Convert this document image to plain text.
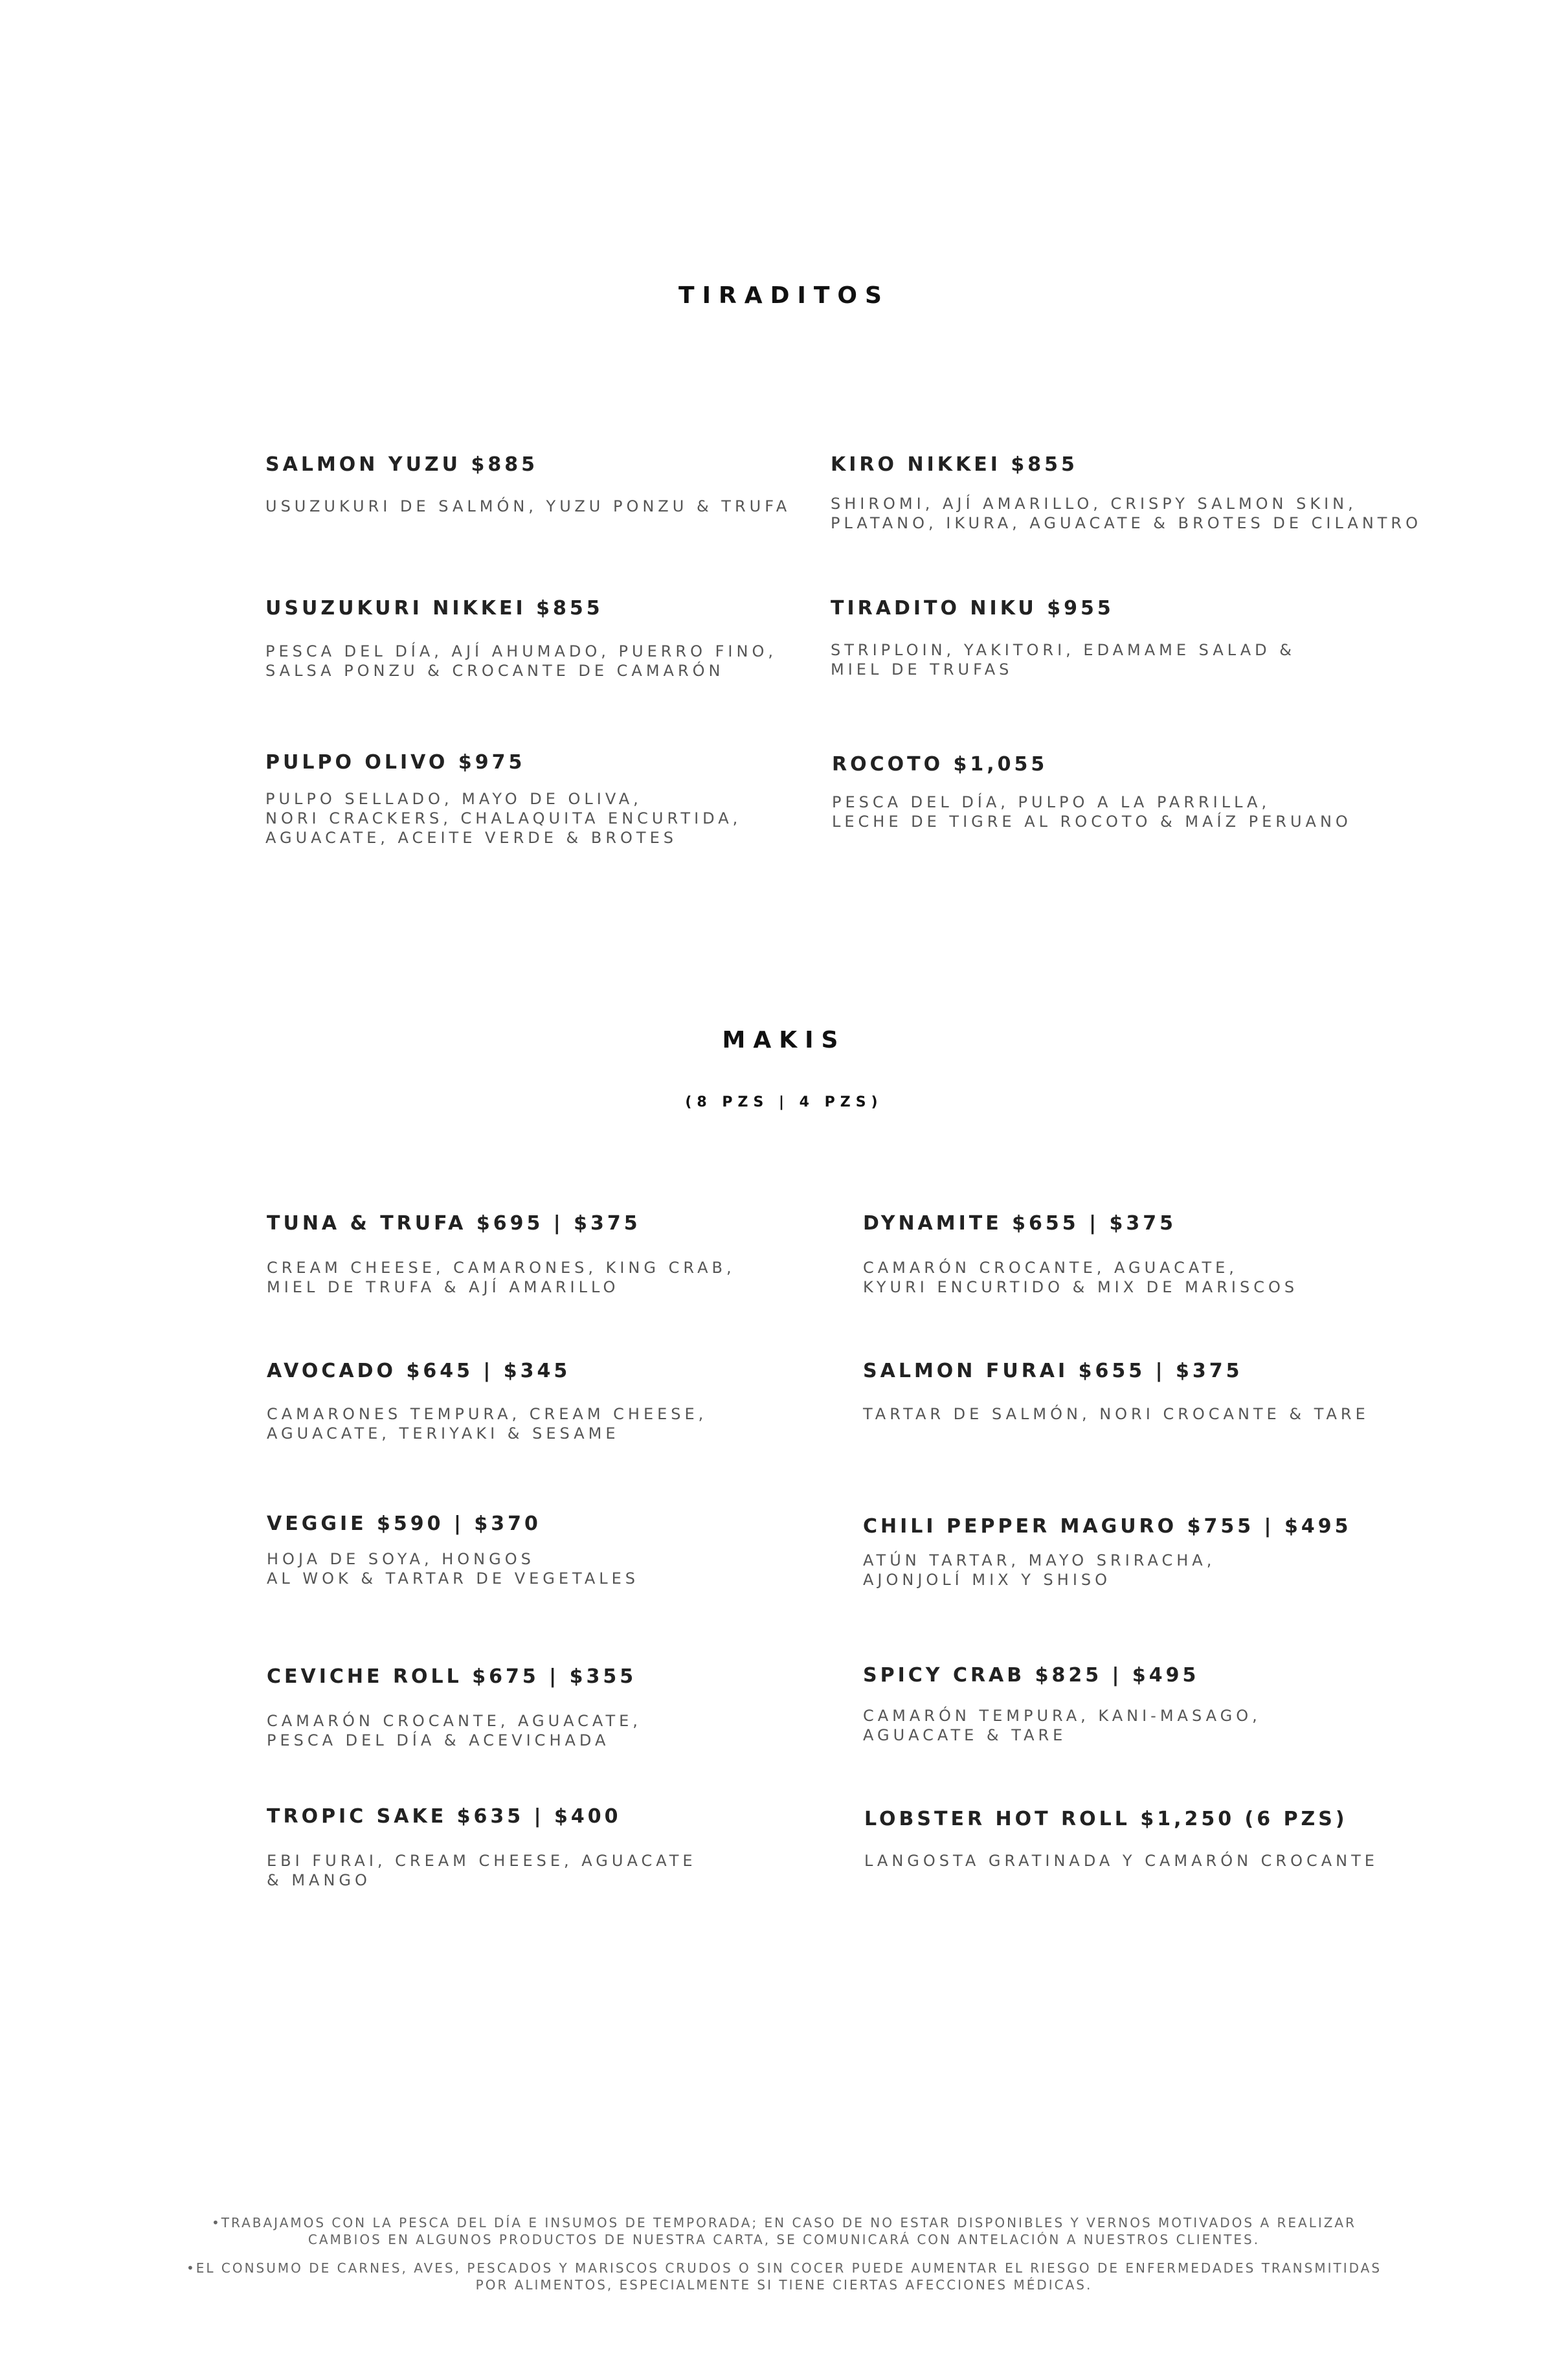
TIRADITOS
SALMON YUZU $885
USUZUKURI DE SALMÓN, YUZU PONZU & TRUFA
KIRO NIKKEI $855
SHIROMI, AJÍ AMARILLO, CRISPY SALMON SKIN,
PLATANO, IKURA, AGUACATE & BROTES DE CILANTRO
USUZUKURI NIKKEI $855
PESCA DEL DÍA, AJÍ AHUMADO, PUERRO FINO,
SALSA PONZU & CROCANTE DE CAMARÓN
TIRADITO NIKU $955
STRIPLOIN, YAKITORI, EDAMAME SALAD &
MIEL DE TRUFAS
PULPO OLIVO $975
PULPO SELLADO, MAYO DE OLIVA,
NORI CRACKERS, CHALAQUITA ENCURTIDA,
AGUACATE, ACEITE VERDE & BROTES
ROCOTO $1,055
PESCA DEL DÍA, PULPO A LA PARRILLA,
LECHE DE TIGRE AL ROCOTO & MAÍZ PERUANO
MAKIS
(8 PZS | 4 PZS)
TUNA & TRUFA $695 | $375
CREAM CHEESE, CAMARONES, KING CRAB,
MIEL DE TRUFA & AJÍ AMARILLO
DYNAMITE $655 | $375
CAMARÓN CROCANTE, AGUACATE,
KYURI ENCURTIDO & MIX DE MARISCOS
AVOCADO $645 | $345
CAMARONES TEMPURA, CREAM CHEESE,
AGUACATE, TERIYAKI & SESAME
SALMON FURAI $655 | $375
TARTAR DE SALMÓN, NORI CROCANTE & TARE
VEGGIE $590 | $370
HOJA DE SOYA, HONGOS
AL WOK & TARTAR DE VEGETALES
CHILI PEPPER MAGURO $755 | $495
ATÚN TARTAR, MAYO SRIRACHA,
AJONJOLÍ MIX Y SHISO
CEVICHE ROLL $675 | $355
CAMARÓN CROCANTE, AGUACATE,
PESCA DEL DÍA & ACEVICHADA
SPICY CRAB $825 | $495
CAMARÓN TEMPURA, KANI-MASAGO,
AGUACATE & TARE
TROPIC SAKE $635 | $400
EBI FURAI, CREAM CHEESE, AGUACATE
& MANGO
LOBSTER HOT ROLL $1,250 (6 PZS)
LANGOSTA GRATINADA Y CAMARÓN CROCANTE
•TRABAJAMOS CON LA PESCA DEL DÍA E INSUMOS DE TEMPORADA; EN CASO DE NO ESTAR DISPONIBLES Y VERNOS MOTIVADOS A REALIZAR
CAMBIOS EN ALGUNOS PRODUCTOS DE NUESTRA CARTA, SE COMUNICARÁ CON ANTELACIÓN A NUESTROS CLIENTES.
•EL CONSUMO DE CARNES, AVES, PESCADOS Y MARISCOS CRUDOS O SIN COCER PUEDE AUMENTAR EL RIESGO DE ENFERMEDADES TRANSMITIDAS
POR ALIMENTOS, ESPECIALMENTE SI TIENE CIERTAS AFECCIONES MÉDICAS.
